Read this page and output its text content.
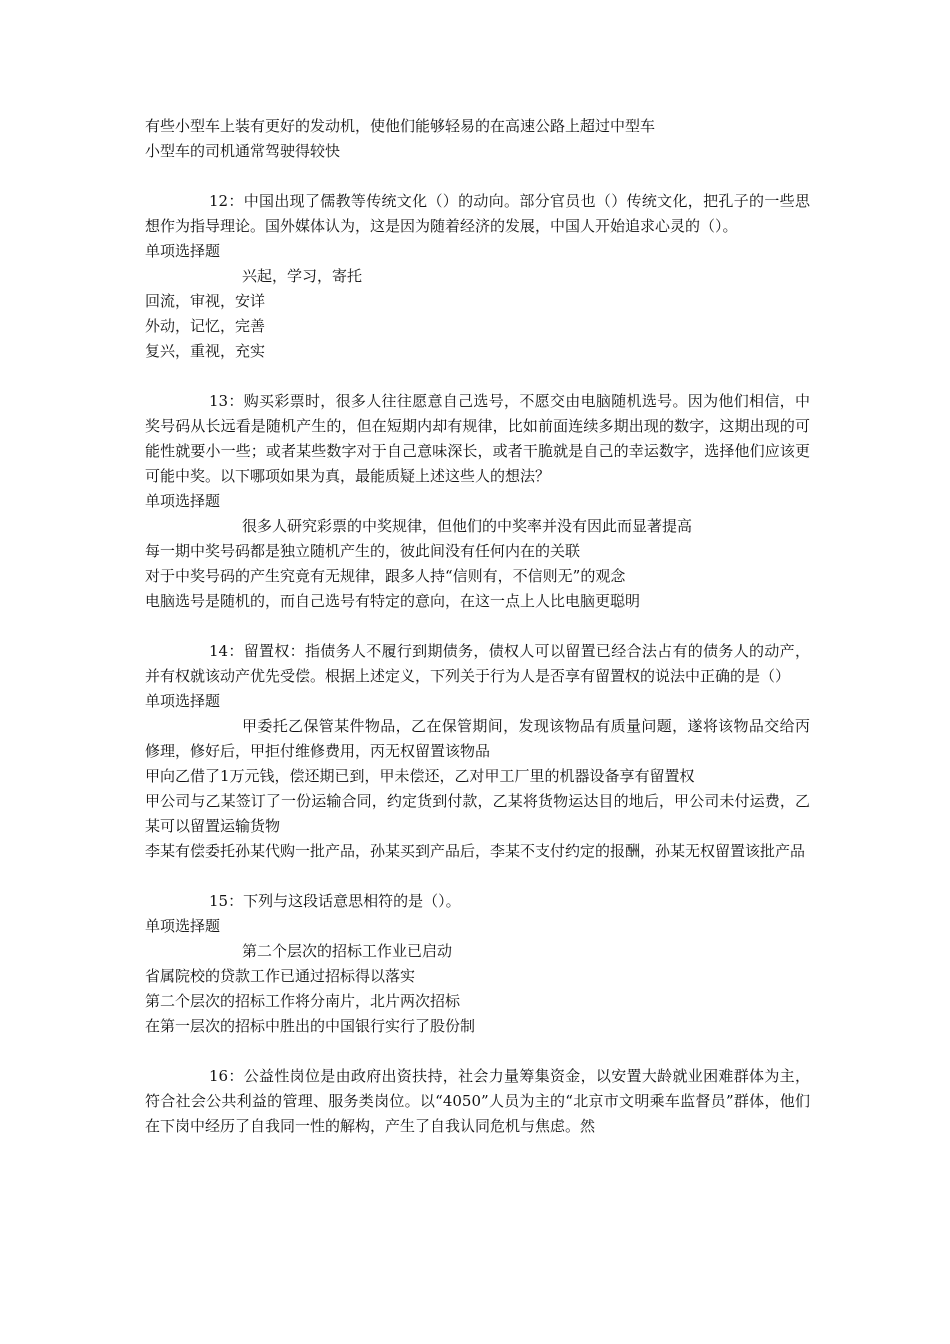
有些小型车上装有更好的发动机，使他们能够轻易的在高速公路上超过中型车
小型车的司机通常驾驶得较快
12：中国出现了儒教等传统文化（）的动向。部分官员也（）传统文化，把孔子的一些思想作为指导理论。国外媒体认为，这是因为随着经济的发展，中国人开始追求心灵的（）。
单项选择题
兴起，学习，寄托
回流，审视，安详
外动，记忆，完善
复兴，重视，充实
13：购买彩票时，很多人往往愿意自己选号，不愿交由电脑随机选号。因为他们相信，中奖号码从长远看是随机产生的，但在短期内却有规律，比如前面连续多期出现的数字，这期出现的可能性就要小一些；或者某些数字对于自己意味深长，或者干脆就是自己的幸运数字，选择他们应该更可能中奖。以下哪项如果为真，最能质疑上述这些人的想法？
单项选择题
很多人研究彩票的中奖规律，但他们的中奖率并没有因此而显著提高
每一期中奖号码都是独立随机产生的，彼此间没有任何内在的关联
对于中奖号码的产生究竟有无规律，跟多人持“信则有，不信则无”的观念
电脑选号是随机的，而自己选号有特定的意向，在这一点上人比电脑更聪明
14：留置权：指债务人不履行到期债务，债权人可以留置已经合法占有的债务人的动产，并有权就该动产优先受偿。根据上述定义，下列关于行为人是否享有留置权的说法中正确的是（）
单项选择题
甲委托乙保管某件物品，乙在保管期间，发现该物品有质量问题，遂将该物品交给丙修理，修好后，甲拒付维修费用，丙无权留置该物品
甲向乙借了1万元钱，偿还期已到，甲未偿还，乙对甲工厂里的机器设备享有留置权
甲公司与乙某签订了一份运输合同，约定货到付款，乙某将货物运达目的地后，甲公司未付运费，乙某可以留置运输货物
李某有偿委托孙某代购一批产品，孙某买到产品后，李某不支付约定的报酬，孙某无权留置该批产品
15：下列与这段话意思相符的是（）。
单项选择题
第二个层次的招标工作业已启动
省属院校的贷款工作已通过招标得以落实
第二个层次的招标工作将分南片，北片两次招标
在第一层次的招标中胜出的中国银行实行了股份制
16：公益性岗位是由政府出资扶持，社会力量筹集资金，以安置大龄就业困难群体为主，符合社会公共利益的管理、服务类岗位。以“4050”人员为主的“北京市文明乘车监督员”群体，他们在下岗中经历了自我同一性的解构，产生了自我认同危机与焦虑。然
